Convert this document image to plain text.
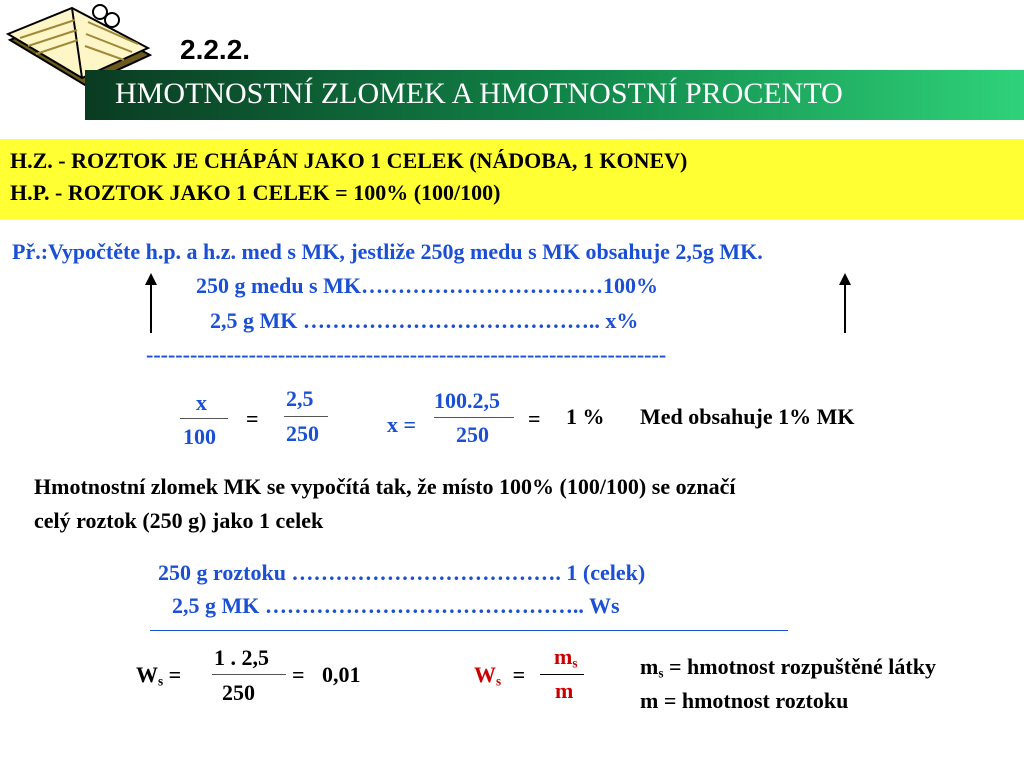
2.2.2.
HMOTNOSTNÍ ZLOMEK A HMOTNOSTNÍ PROCENTO
H.Z. - ROZTOK JE CHÁPÁN JAKO 1 CELEK (NÁDOBA, 1 KONEV)
H.P. - ROZTOK JAKO 1 CELEK = 100% (100/100)
Př.:Vypočtěte h.p. a h.z. med s MK, jestliže 250g medu s MK obsahuje 2,5g MK.
250 g medu s MK……………………………100%
2,5 g MK ………………………………….. x%
-----------------------------------------------------------------------
x
100
=
2,5
250	x =
100.2,5
250
= 1 % Med obsahuje 1% MK
Hmotnostní zlomek MK se vypočítá tak, že místo 100% (100/100) se označí
celý roztok (250 g) jako 1 celek
250 g roztoku ………………………………. 1 (celek)
2,5 g MK …………………………………….. Ws
$W_s$ =
1 . 2,5
250
= 0,01	$W_s$ =
$m_s$
m
$m_s$ = hmotnost rozpuštěné látky
m = hmotnost roztoku
